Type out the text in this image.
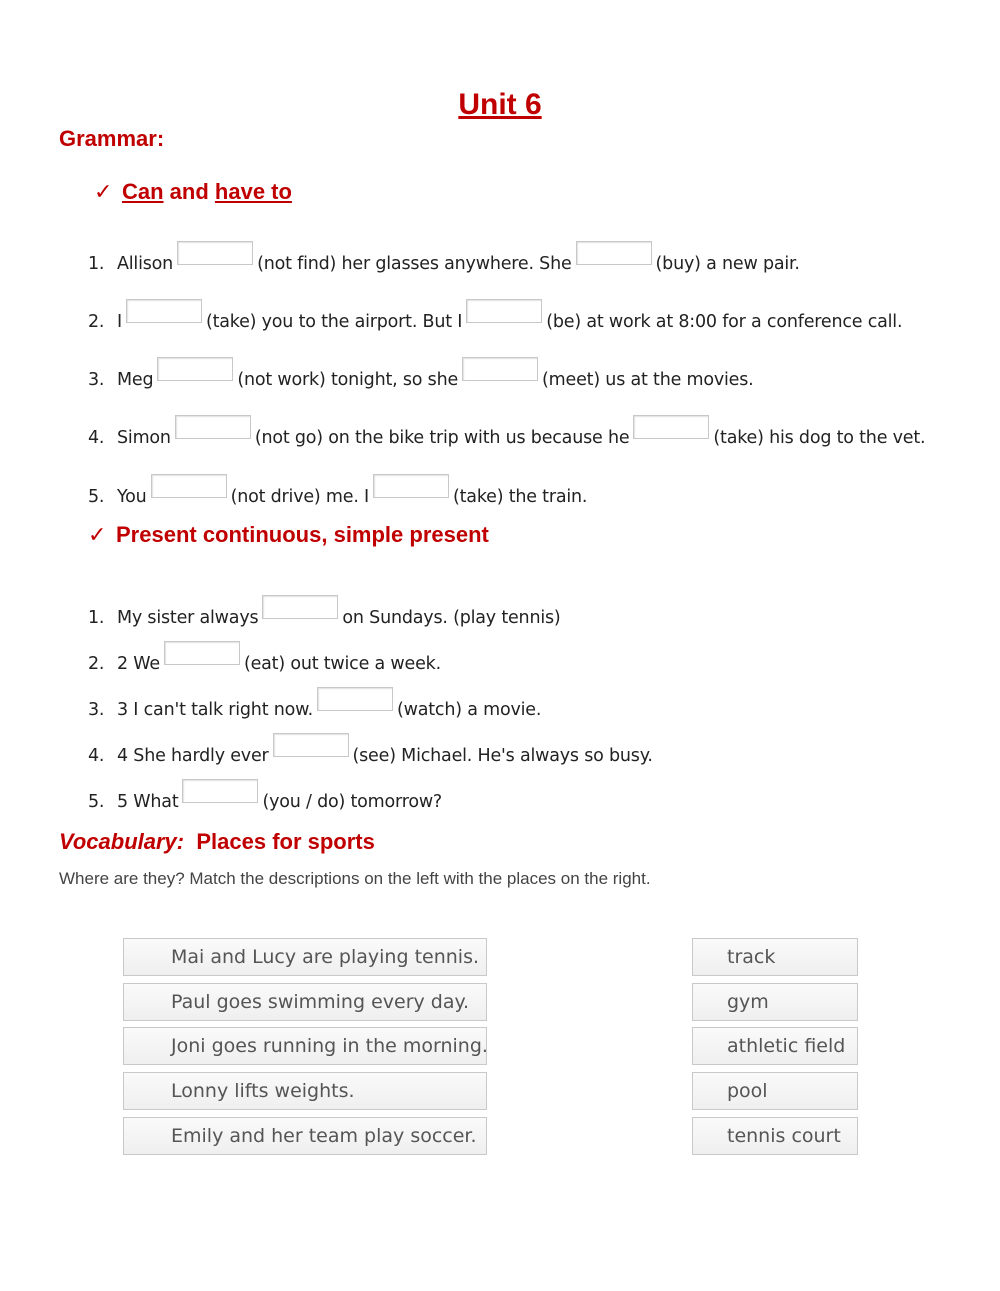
Unit 6
Grammar:
✓ Can and have to
1. Allison	(not find) her glasses anywhere. She	(buy) a new pair.
2. I	(take) you to the airport. But I	(be) at work at 8:00 for a conference call.
3. Meg	(not work) tonight, so she	(meet) us at the movies.
4. Simon	(not go) on the bike trip with us because he	(take) his dog to the vet.
5. You	(not drive) me. I	(take) the train.
✓ Present continuous, simple present
1. My sister always	on Sundays. (play tennis)
2. 2 We	(eat) out twice a week.
3. 3 I can't talk right now.	(watch) a movie.
4. 4 She hardly ever	(see) Michael. He's always so busy.
5. 5 What	(you / do) tomorrow?
Vocabulary: Places for sports
Where are they? Match the descriptions on the left with the places on the right.
Mai and Lucy are playing tennis.
Paul goes swimming every day.
Joni goes running in the morning.
Lonny lifts weights.
Emily and her team play soccer.
track
gym
athletic field
pool
tennis court
